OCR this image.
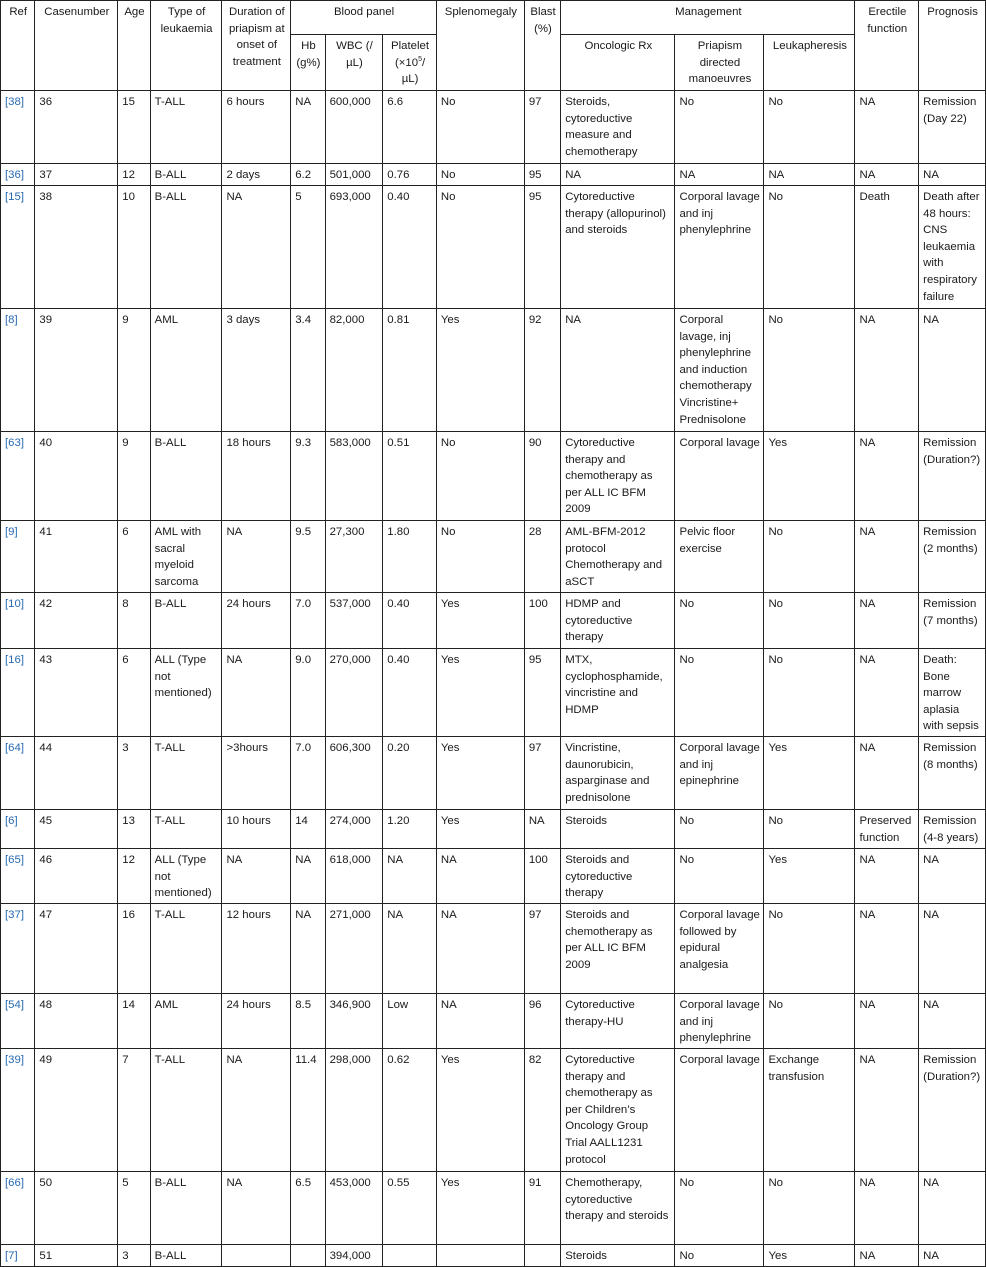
Ref	Casenumber	Age	Type of leukaemia	Duration of priapism at onset of treatment	Blood panel			Splenomegaly	Blast (%)	Management			Erectile function	Prognosis
					Hb (g%)	WBC (/ µL)	Platelet ($\times 10^5/$ µL)			Oncologic Rx	Priapism directed manoeuvres	Leukapheresis		
[38]	36	15	T-ALL	6 hours	NA	600,000	6.6	No	97	Steroids, cytoreductive measure and chemotherapy	No	No	NA	Remission (Day 22)
[36]	37	12	B-ALL	2 days	6.2	501,000	0.76	No	95	NA	NA	NA	NA	NA
[15]	38	10	B-ALL	NA	5	693,000	0.40	No	95	Cytoreductive therapy (allopurinol) and steroids	Corporal lavage and inj phenylephrine	No	Death	Death after 48 hours: CNS leukaemia with respiratory failure
[8]	39	9	AML	3 days	3.4	82,000	0.81	Yes	92	NA	Corporal lavage, inj phenylephrine and induction chemotherapy Vincristine+ Prednisolone	No	NA	NA
[63]	40	9	B-ALL	18 hours	9.3	583,000	0.51	No	90	Cytoreductive therapy and chemotherapy as per ALL IC BFM 2009	Corporal lavage	Yes	NA	Remission (Duration?)
[9]	41	6	AML with sacral myeloid sarcoma	NA	9.5	27,300	1.80	No	28	AML-BFM-2012 protocol Chemotherapy and aSCT	Pelvic floor exercise	No	NA	Remission (2 months)
[10]	42	8	B-ALL	24 hours	7.0	537,000	0.40	Yes	100	HDMP and cytoreductive therapy	No	No	NA	Remission (7 months)
[16]	43	6	ALL (Type not mentioned)	NA	9.0	270,000	0.40	Yes	95	MTX, cyclophosphamide, vincristine and HDMP	No	No	NA	Death: Bone marrow aplasia with sepsis
[64]	44	3	T-ALL	>3hours	7.0	606,300	0.20	Yes	97	Vincristine, daunorubicin, asparginase and prednisolone	Corporal lavage and inj epinephrine	Yes	NA	Remission (8 months)
[6]	45	13	T-ALL	10 hours	14	274,000	1.20	Yes	NA	Steroids	No	No	Preserved function	Remission (4-8 years)
[65]	46	12	ALL (Type not mentioned)	NA	NA	618,000	NA	NA	100	Steroids and cytoreductive therapy	No	Yes	NA	NA
[37]	47	16	T-ALL	12 hours	NA	271,000	NA	NA	97	Steroids and chemotherapy as per ALL IC BFM 2009	Corporal lavage followed by epidural analgesia	No	NA	NA
[54]	48	14	AML	24 hours	8.5	346,900	Low	NA	96	Cytoreductive therapy-HU	Corporal lavage and inj phenylephrine	No	NA	NA
[39]	49	7	T-ALL	NA	11.4	298,000	0.62	Yes	82	Cytoreductive therapy and chemotherapy as per Children’s Oncology Group Trial AALL1231 protocol	Corporal lavage	Exchange transfusion	NA	Remission (Duration?)
[66]	50	5	B-ALL	NA	6.5	453,000	0.55	Yes	91	Chemotherapy, cytoreductive therapy and steroids	No	No	NA	NA
[7]	51	3	B-ALL			394,000				Steroids	No	Yes	NA	NA
